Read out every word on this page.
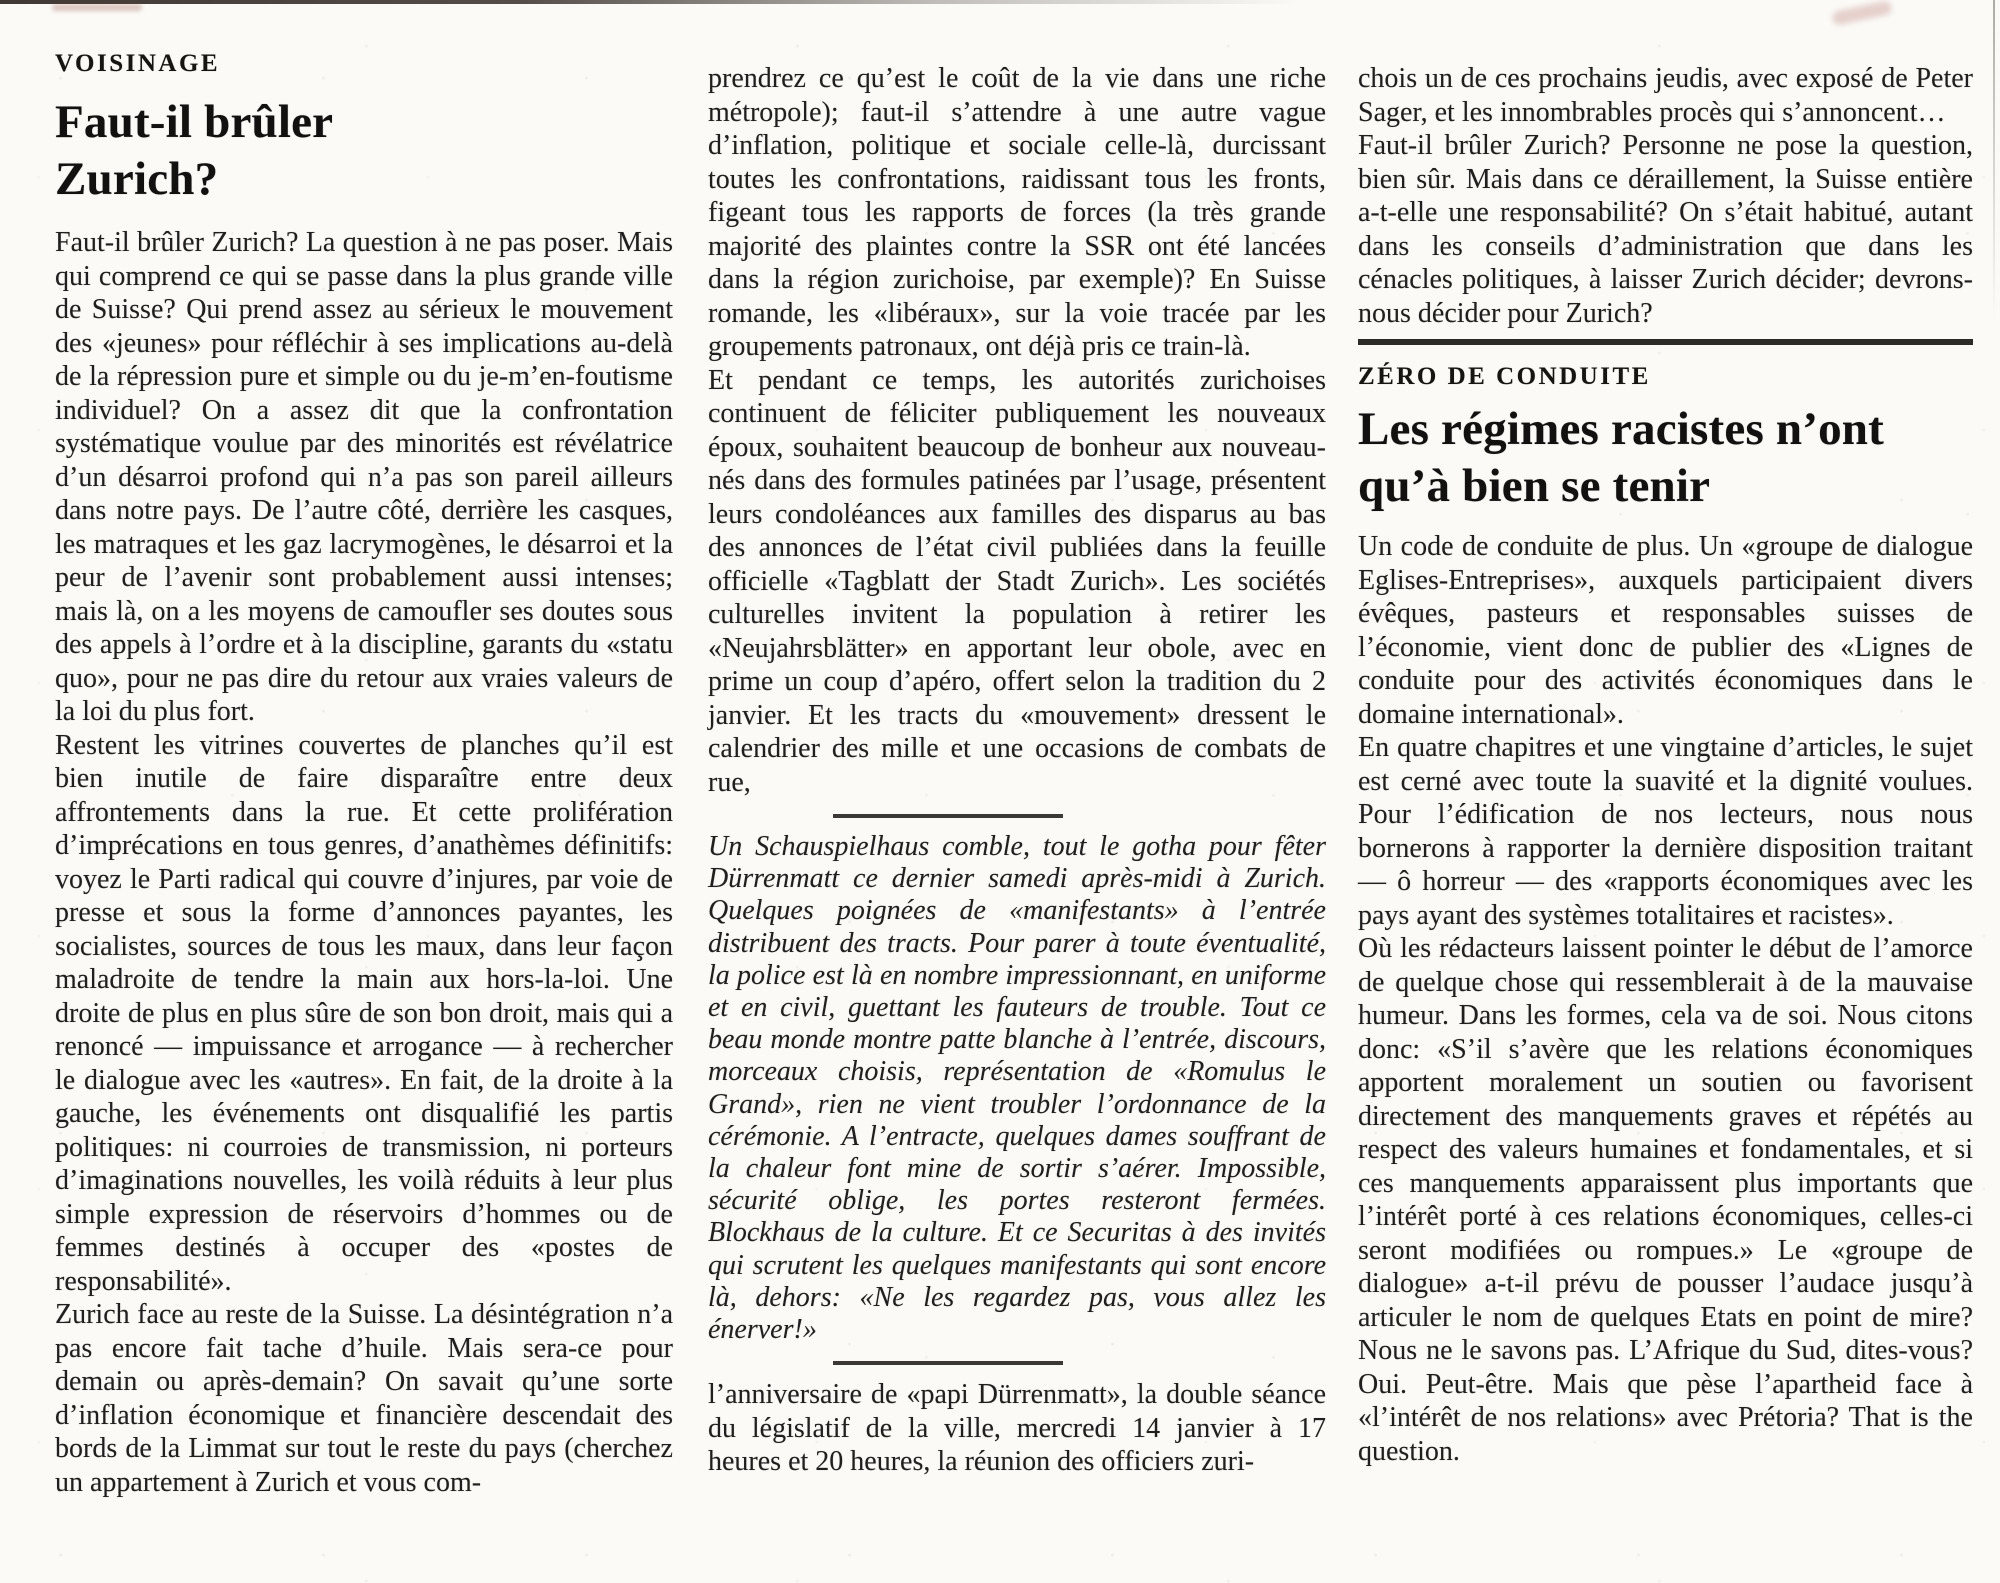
VOISINAGE
Faut-il brûler
Zurich?

Faut-il brûler Zurich? La question à ne pas poser. Mais qui comprend ce qui se passe dans la plus grande ville de Suisse? Qui prend assez au sérieux le mouvement des «jeunes» pour réfléchir à ses implications au-delà de la répression pure et simple ou du je-m’en-foutisme individuel? On a assez dit que la confrontation systématique voulue par des minorités est révélatrice d’un désarroi profond qui n’a pas son pareil ailleurs dans notre pays. De l’autre côté, derrière les casques, les matraques et les gaz lacrymogènes, le désarroi et la peur de l’avenir sont probablement aussi intenses; mais là, on a les moyens de camoufler ses doutes sous des appels à l’ordre et à la discipline, garants du «statu quo», pour ne pas dire du retour aux vraies valeurs de la loi du plus fort.

Restent les vitrines couvertes de planches qu’il est bien inutile de faire disparaître entre deux affrontements dans la rue. Et cette prolifération d’imprécations en tous genres, d’anathèmes définitifs: voyez le Parti radical qui couvre d’injures, par voie de presse et sous la forme d’annonces payantes, les socialistes, sources de tous les maux, dans leur façon maladroite de tendre la main aux hors-la-loi. Une droite de plus en plus sûre de son bon droit, mais qui a renoncé — impuissance et arrogance — à rechercher le dialogue avec les «autres». En fait, de la droite à la gauche, les événements ont disqualifié les partis politiques: ni courroies de transmission, ni porteurs d’imaginations nouvelles, les voilà réduits à leur plus simple expression de réservoirs d’hommes ou de femmes destinés à occuper des «postes de responsabilité».

Zurich face au reste de la Suisse. La désintégration n’a pas encore fait tache d’huile. Mais sera-ce pour demain ou après-demain? On savait qu’une sorte d’inflation économique et financière descendait des bords de la Limmat sur tout le reste du pays (cherchez un appartement à Zurich et vous com-

prendrez ce qu’est le coût de la vie dans une riche métropole); faut-il s’attendre à une autre vague d’inflation, politique et sociale celle-là, durcissant toutes les confrontations, raidissant tous les fronts, figeant tous les rapports de forces (la très grande majorité des plaintes contre la SSR ont été lancées dans la région zurichoise, par exemple)? En Suisse romande, les «libéraux», sur la voie tracée par les groupements patronaux, ont déjà pris ce train-là.

Et pendant ce temps, les autorités zurichoises continuent de féliciter publiquement les nouveaux époux, souhaitent beaucoup de bonheur aux nouveau-nés dans des formules patinées par l’usage, présentent leurs condoléances aux familles des disparus au bas des annonces de l’état civil publiées dans la feuille officielle «Tagblatt der Stadt Zurich». Les sociétés culturelles invitent la population à retirer les «Neujahrsblätter» en apportant leur obole, avec en prime un coup d’apéro, offert selon la tradition du 2 janvier. Et les tracts du «mouvement» dressent le calendrier des mille et une occasions de combats de rue,

Un Schauspielhaus comble, tout le gotha pour fêter Dürrenmatt ce dernier samedi après-midi à Zurich. Quelques poignées de «manifestants» à l’entrée distribuent des tracts. Pour parer à toute éventualité, la police est là en nombre impressionnant, en uniforme et en civil, guettant les fauteurs de trouble. Tout ce beau monde montre patte blanche à l’entrée, discours, morceaux choisis, représentation de «Romulus le Grand», rien ne vient troubler l’ordonnance de la cérémonie. A l’entracte, quelques dames souffrant de la chaleur font mine de sortir s’aérer. Impossible, sécurité oblige, les portes resteront fermées. Blockhaus de la culture. Et ce Securitas à des invités qui scrutent les quelques manifestants qui sont encore là, dehors: «Ne les regardez pas, vous allez les énerver!»

l’anniversaire de «papi Dürrenmatt», la double séance du législatif de la ville, mercredi 14 janvier à 17 heures et 20 heures, la réunion des officiers zuri-

chois un de ces prochains jeudis, avec exposé de Peter Sager, et les innombrables procès qui s’annoncent…

Faut-il brûler Zurich? Personne ne pose la question, bien sûr. Mais dans ce déraillement, la Suisse entière a-t-elle une responsabilité? On s’était habitué, autant dans les conseils d’administration que dans les cénacles politiques, à laisser Zurich décider; devrons-nous décider pour Zurich?

ZÉRO DE CONDUITE
Les régimes racistes n’ont
qu’à bien se tenir

Un code de conduite de plus. Un «groupe de dialogue Eglises-Entreprises», auxquels participaient divers évêques, pasteurs et responsables suisses de l’économie, vient donc de publier des «Lignes de conduite pour des activités économiques dans le domaine international».

En quatre chapitres et une vingtaine d’articles, le sujet est cerné avec toute la suavité et la dignité voulues. Pour l’édification de nos lecteurs, nous nous bornerons à rapporter la dernière disposition traitant — ô horreur — des «rapports économiques avec les pays ayant des systèmes totalitaires et racistes».

Où les rédacteurs laissent pointer le début de l’amorce de quelque chose qui ressemblerait à de la mauvaise humeur. Dans les formes, cela va de soi. Nous citons donc: «S’il s’avère que les relations économiques apportent moralement un soutien ou favorisent directement des manquements graves et répétés au respect des valeurs humaines et fondamentales, et si ces manquements apparaissent plus importants que l’intérêt porté à ces relations économiques, celles-ci seront modifiées ou rompues.» Le «groupe de dialogue» a-t-il prévu de pousser l’audace jusqu’à articuler le nom de quelques Etats en point de mire? Nous ne le savons pas. L’Afrique du Sud, dites-vous? Oui. Peut-être. Mais que pèse l’apartheid face à «l’intérêt de nos relations» avec Prétoria? That is the question.
